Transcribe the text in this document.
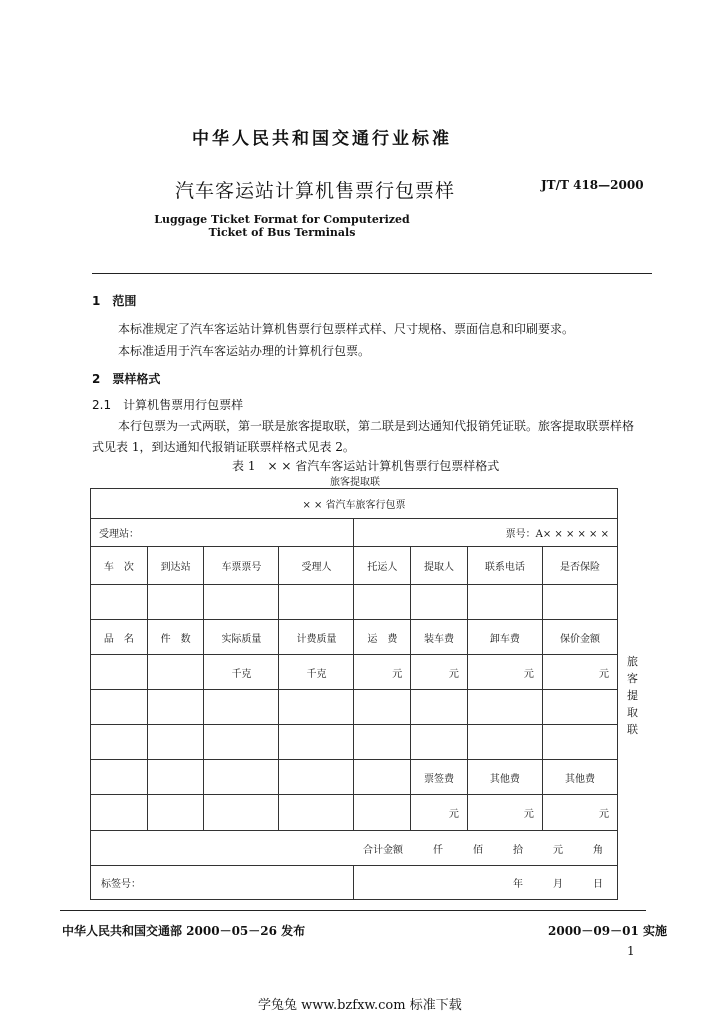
中华人民共和国交通行业标准
汽车客运站计算机售票行包票样	JT/T 418—2000
Luggage Ticket Format for Computerized
Ticket of Bus Terminals
1　范围
本标准规定了汽车客运站计算机售票行包票样式样、尺寸规格、票面信息和印刷要求。
本标准适用于汽车客运站办理的计算机行包票。
2　票样格式
2.1　计算机售票用行包票样
本行包票为一式两联，第一联是旅客提取联，第二联是到达通知代报销凭证联。旅客提取联票样格
式见表 1，到达通知代报销证联票样格式见表 2。
表 1　× × 省汽车客运站计算机售票行包票样格式
旅客提取联
× × 省汽车旅客行包票							
受理站：				票号：A× × × × × ×			
车　次	到达站	车票票号	受理人	托运人	提取人	联系电话	是否保险

品　名	件　数	实际质量	计费质量	运　费	装车费	卸车费	保价金额
		千克	千克	元	元	元	元

					票签费	其他费	其他费
					元	元	元
合计金额 仟 佰 拾 元 角							
标签号：				年 月 日			
旅客提取联
中华人民共和国交通部 2000－05－26 发布	2000－09－01 实施
1
学兔兔 www.bzfxw.com 标准下载
